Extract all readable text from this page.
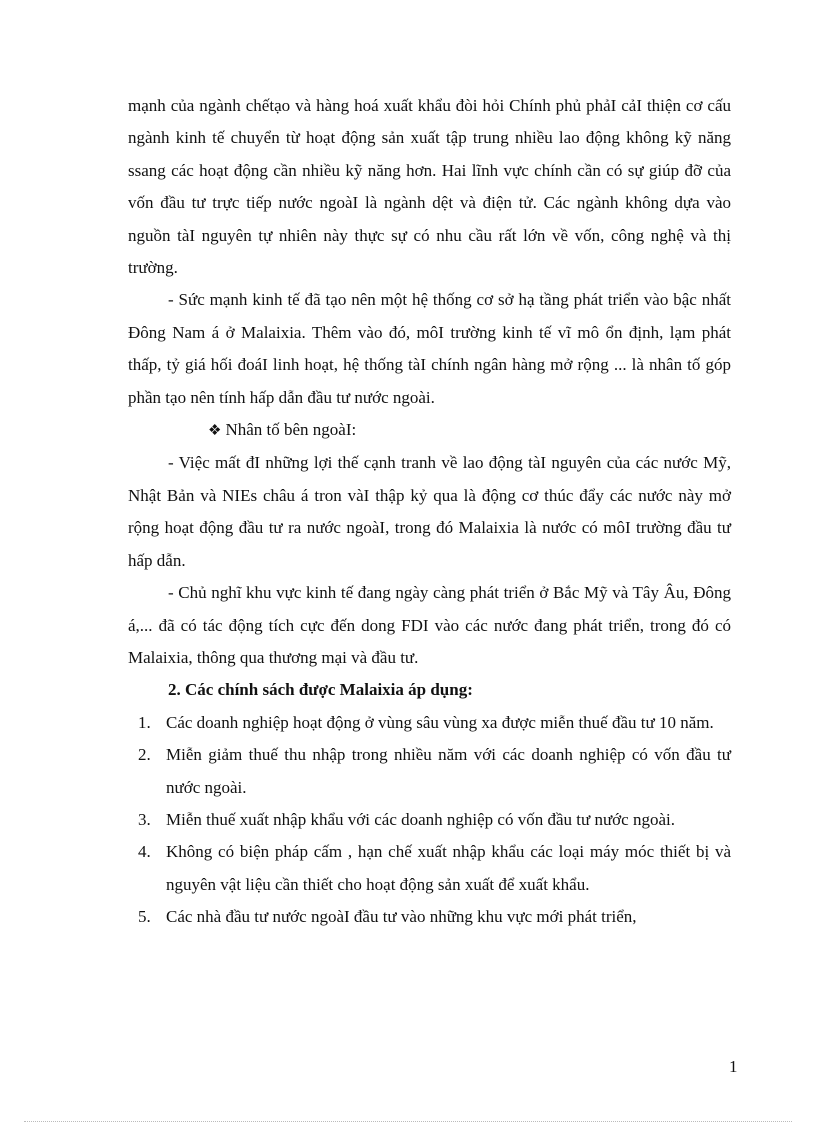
mạnh của ngành chếtạo và hàng hoá xuất khẩu đòi hỏi Chính phủ phảI cảI thiện cơ cấu ngành kinh tế chuyển từ hoạt động sản xuất tập trung nhiều lao động không kỹ năng ssang các hoạt động cần nhiều kỹ năng hơn. Hai lĩnh vực chính cần có sự giúp đỡ của vốn đầu tư trực tiếp nước ngoàI là ngành dệt và điện tử. Các ngành không dựa vào nguồn tàI nguyên tự nhiên này thực sự có nhu cầu rất lớn về vốn, công nghệ và thị trường.

- Sức mạnh kinh tế đã tạo nên một hệ thống cơ sở hạ tầng phát triển vào bậc nhất Đông Nam á ở Malaixia. Thêm vào đó, môI trường kinh tế vĩ mô ổn định, lạm phát thấp, tỷ giá hối đoáI linh hoạt, hệ thống tàI chính ngân hàng mở rộng ... là nhân tố góp phần tạo nên tính hấp dẫn đầu tư nước ngoài.

❖ Nhân tố bên ngoàI:

- Việc mất đI những lợi thế cạnh tranh về lao động tàI nguyên của các nước Mỹ, Nhật Bản và NIEs châu á tron vàI thập kỷ qua là động cơ thúc đẩy các nước này mở rộng hoạt động đầu tư ra nước ngoàI, trong đó Malaixia là nước có môI trường đầu tư hấp dẫn.

- Chủ nghĩ khu vực kinh tế đang ngày càng phát triển ở Bắc Mỹ và Tây Âu, Đông á,... đã có tác động tích cực đến dong FDI vào các nước đang phát triển, trong đó có Malaixia, thông qua thương mại và đầu tư.

2. Các chính sách được Malaixia áp dụng:

1. Các doanh nghiệp hoạt động ở vùng sâu vùng xa được miễn thuế đầu tư 10 năm.
2. Miễn giảm thuế thu nhập trong nhiều năm với các doanh nghiệp có vốn đầu tư nước ngoài.
3. Miễn thuế xuất nhập khẩu với các doanh nghiệp có vốn đầu tư nước ngoài.
4. Không có biện pháp cấm , hạn chế xuất nhập khẩu các loại máy móc thiết bị và nguyên vật liệu cần thiết cho hoạt động sản xuất để xuất khẩu.
5. Các nhà đầu tư nước ngoàI đầu tư vào những khu vực mới phát triển,
1
